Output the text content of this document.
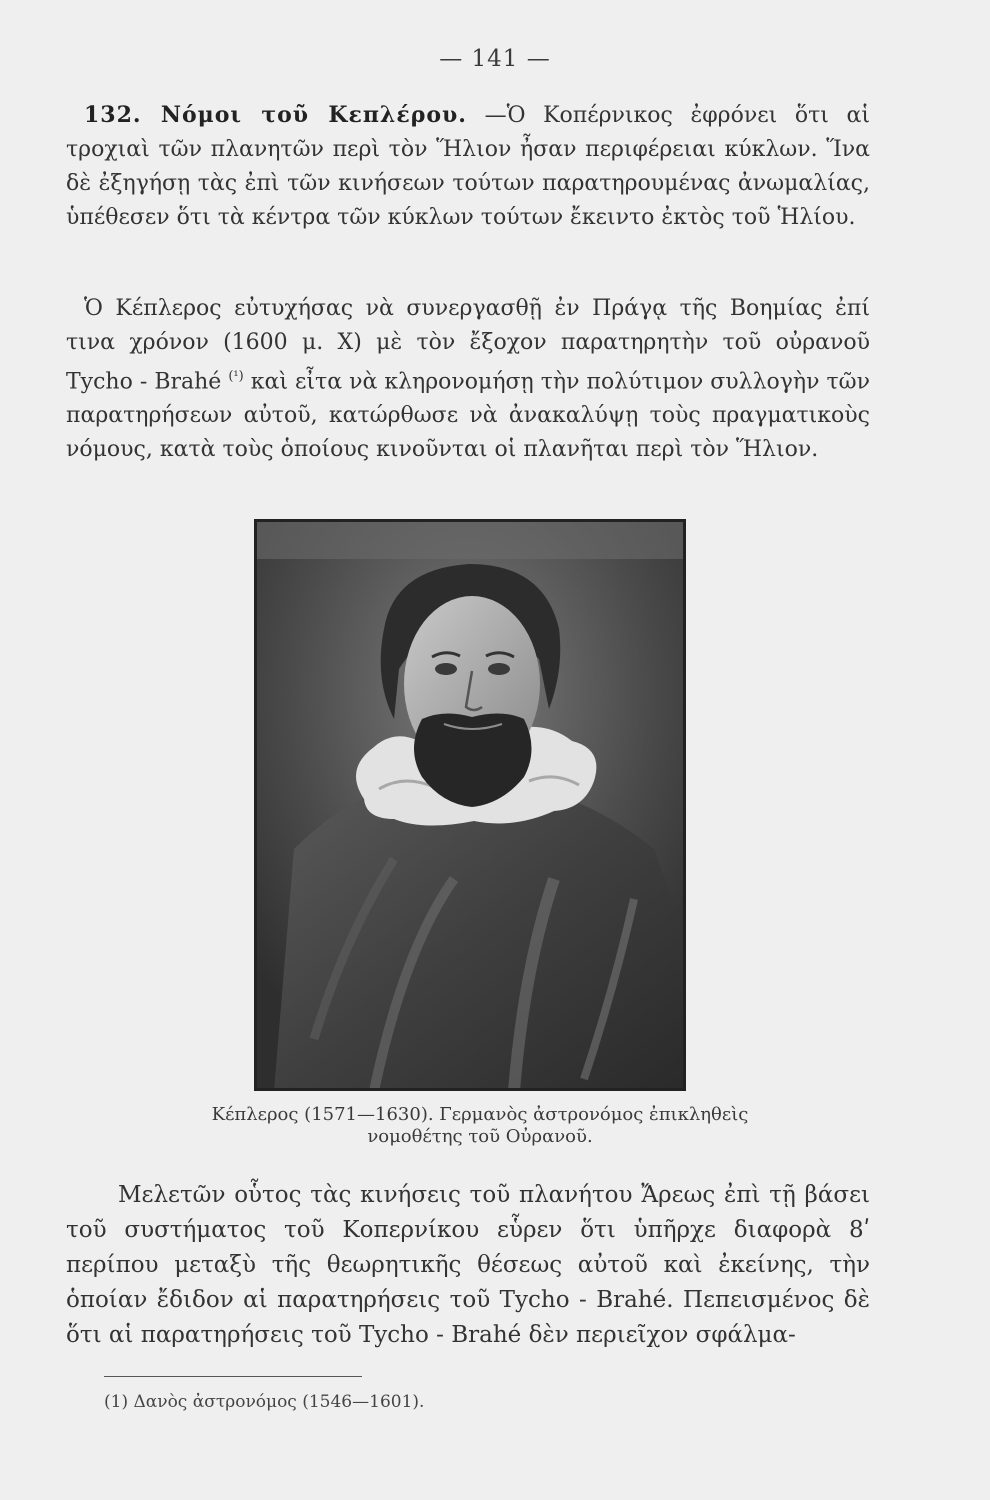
— 141 —

132. Νόμοι τοῦ Κεπλέρου. —Ὁ Κοπέρνικος ἐφρόνει ὅτι αἱ τροχιαὶ τῶν πλανητῶν περὶ τὸν Ἥλιον ἦσαν περιφέρειαι κύκλων. Ἵνα δὲ ἐξηγήσῃ τὰς ἐπὶ τῶν κινήσεων τούτων παρατηρουμένας ἀνωμαλίας, ὑπέθεσεν ὅτι τὰ κέντρα τῶν κύκλων τούτων ἔκειντο ἐκτὸς τοῦ Ἡλίου.

Ὁ Κέπλερος εὐτυχήσας νὰ συνεργασθῇ ἐν Πράγᾳ τῆς Βοημίας ἐπί τινα χρόνον (1600 μ. Χ) μὲ τὸν ἔξοχον παρατηρητὴν τοῦ οὐρανοῦ Tycho - Brahé $^{(^1)}$ καὶ εἶτα νὰ κληρονομήσῃ τὴν πολύτιμον συλλογὴν τῶν παρατηρήσεων αὐτοῦ, κατώρθωσε νὰ ἀνακαλύψῃ τοὺς πραγματικοὺς νόμους, κατὰ τοὺς ὁποίους κινοῦνται οἱ πλανῆται περὶ τὸν Ἥλιον.

Κέπλερος (1571—1630). Γερμανὸς ἀστρονόμος ἐπικληθεὶς

νομοθέτης τοῦ Οὐρανοῦ.

Μελετῶν οὗτος τὰς κινήσεις τοῦ πλανήτου Ἄρεως ἐπὶ τῇ βάσει τοῦ συστήματος τοῦ Κοπερνίκου εὗρεν ὅτι ὑπῆρχε διαφορὰ 8ʹ περίπου μεταξὺ τῆς θεωρητικῆς θέσεως αὐτοῦ καὶ ἐκείνης, τὴν ὁποίαν ἔδιδον αἱ παρατηρήσεις τοῦ Tycho - Brahé. Πεπεισμένος δὲ ὅτι αἱ παρατηρήσεις τοῦ Tycho - Brahé δὲν περιεῖχον σφάλμα-

(1) Δανὸς ἀστρονόμος (1546—1601).
